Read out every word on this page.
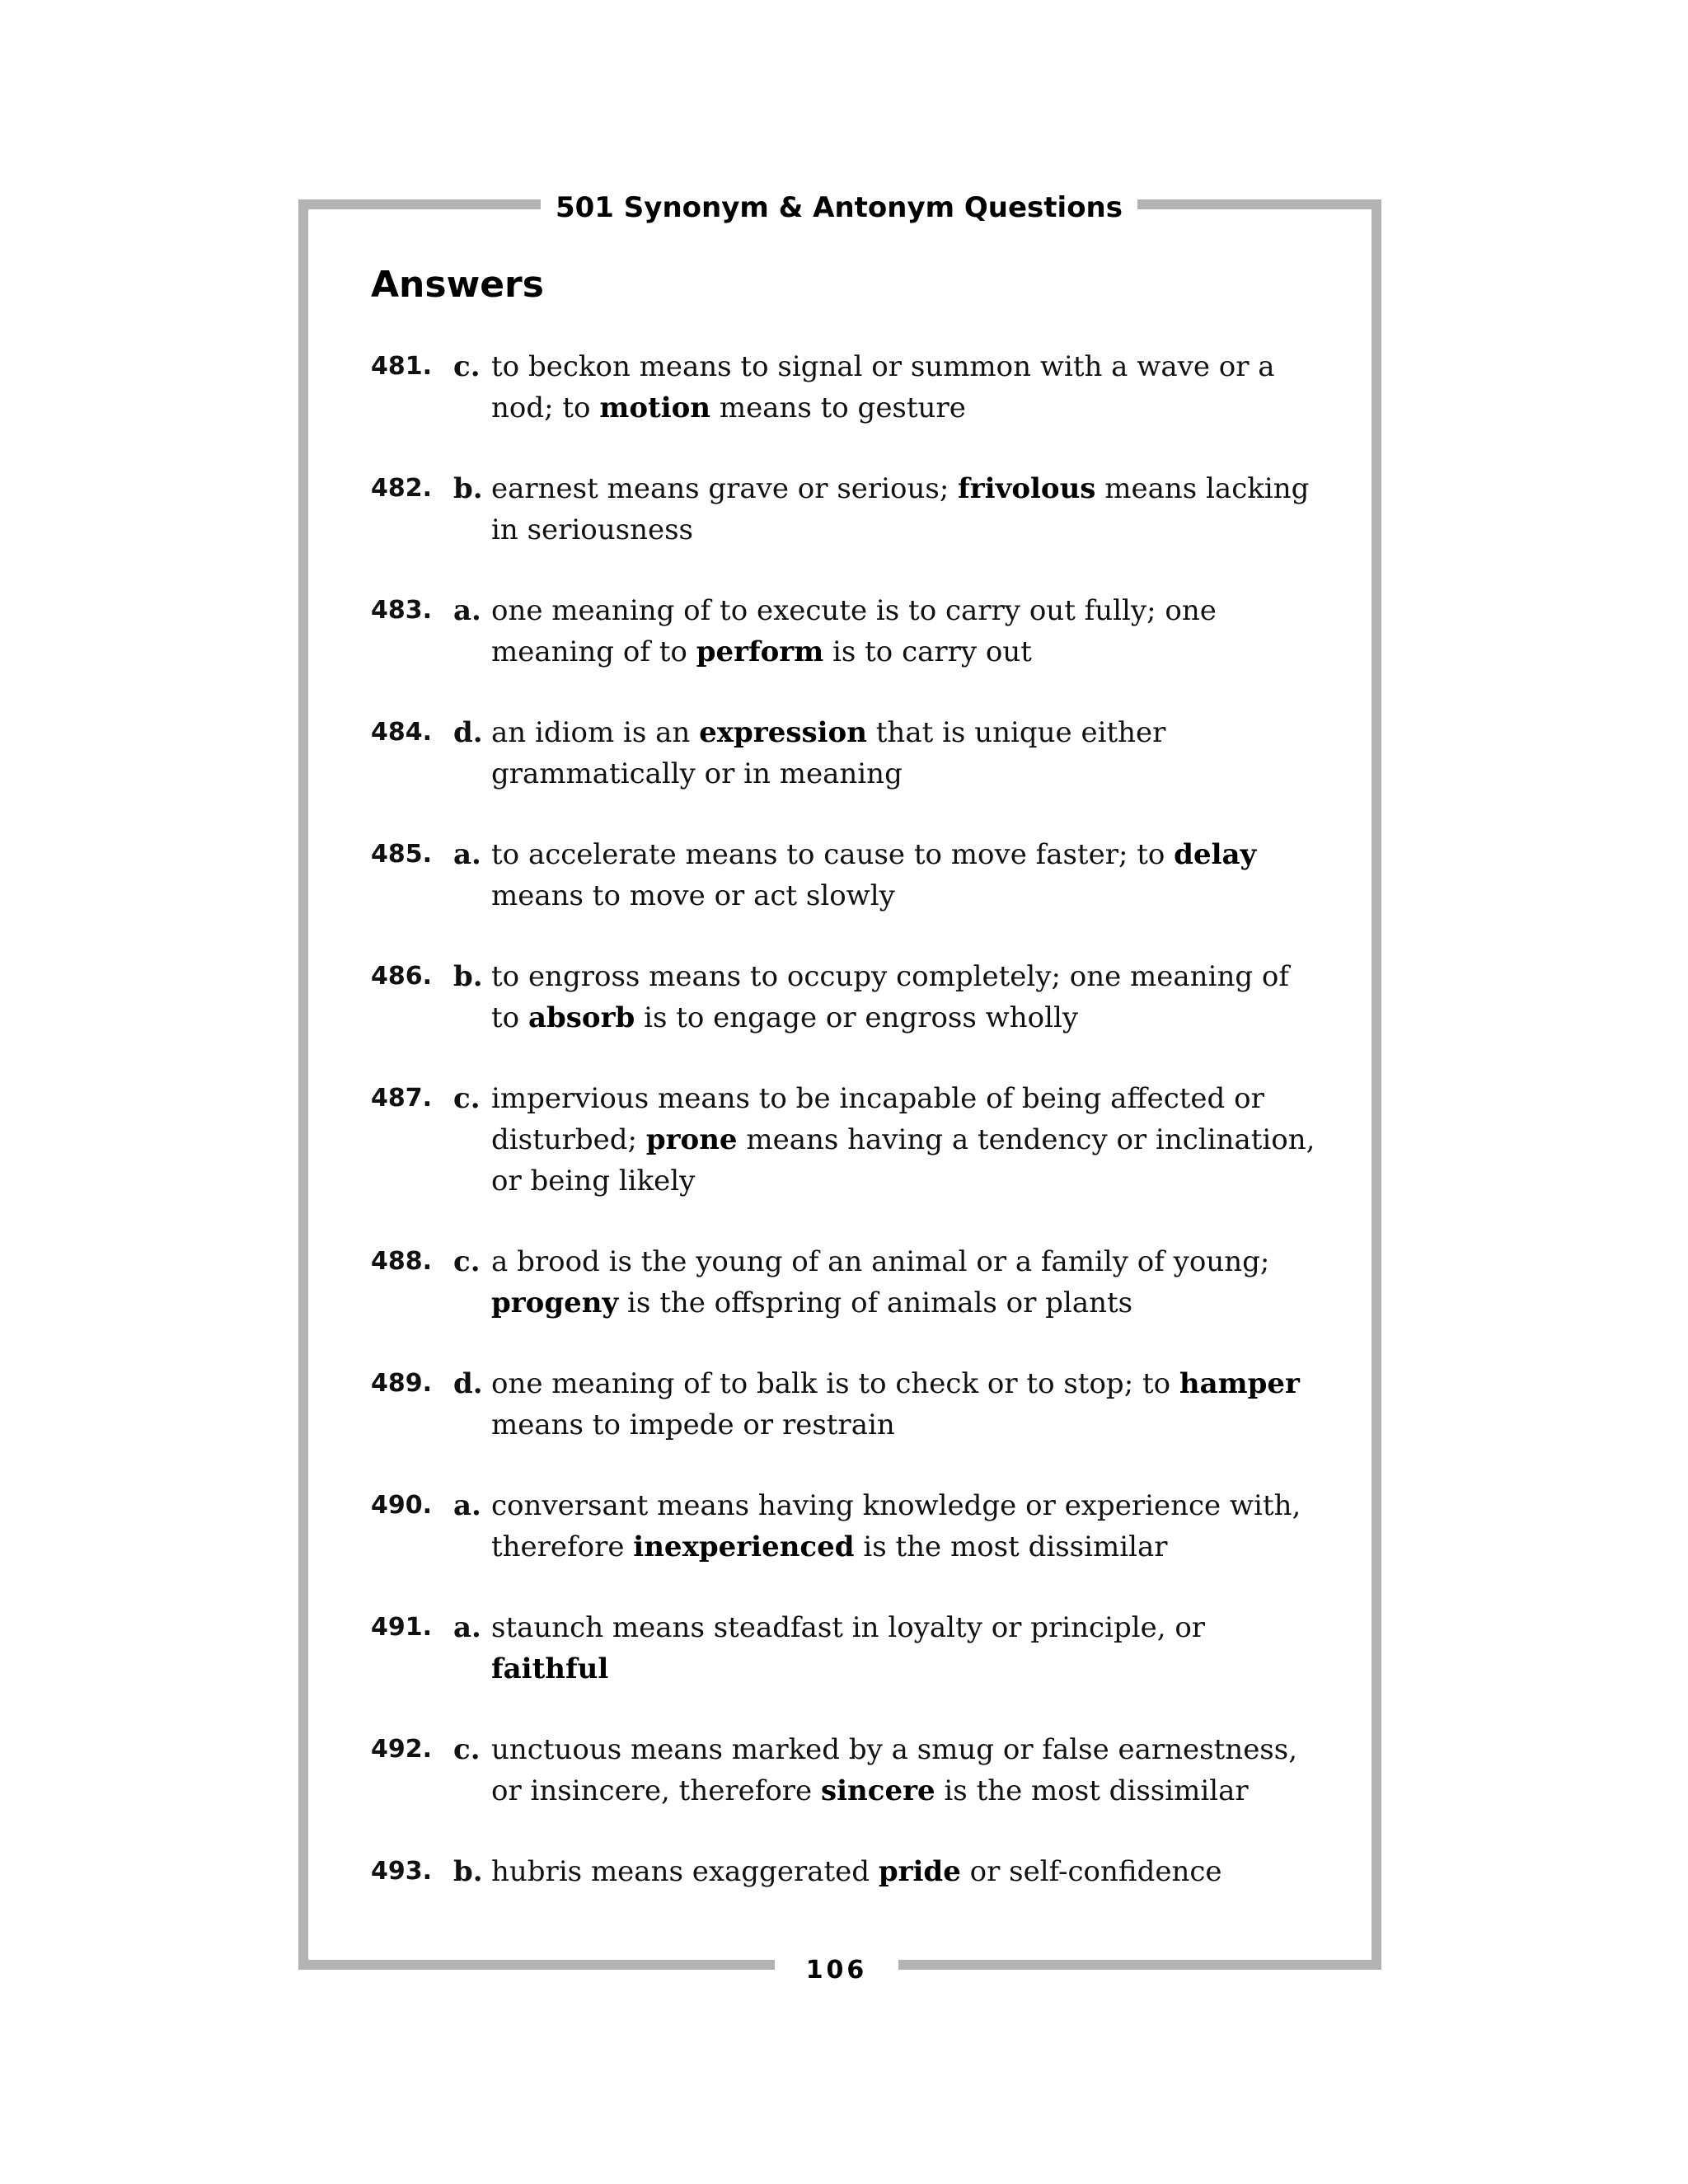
501 Synonym & Antonym Questions
Answers
481. c. to beckon means to signal or summon with a wave or a nod; to motion means to gesture
482. b. earnest means grave or serious; frivolous means lacking in seriousness
483. a. one meaning of to execute is to carry out fully; one meaning of to perform is to carry out
484. d. an idiom is an expression that is unique either grammatically or in meaning
485. a. to accelerate means to cause to move faster; to delay means to move or act slowly
486. b. to engross means to occupy completely; one meaning of to absorb is to engage or engross wholly
487. c. impervious means to be incapable of being affected or disturbed; prone means having a tendency or inclination, or being likely
488. c. a brood is the young of an animal or a family of young; progeny is the offspring of animals or plants
489. d. one meaning of to balk is to check or to stop; to hamper means to impede or restrain
490. a. conversant means having knowledge or experience with, therefore inexperienced is the most dissimilar
491. a. staunch means steadfast in loyalty or principle, or faithful
492. c. unctuous means marked by a smug or false earnestness, or insincere, therefore sincere is the most dissimilar
493. b. hubris means exaggerated pride or self-confidence
106
